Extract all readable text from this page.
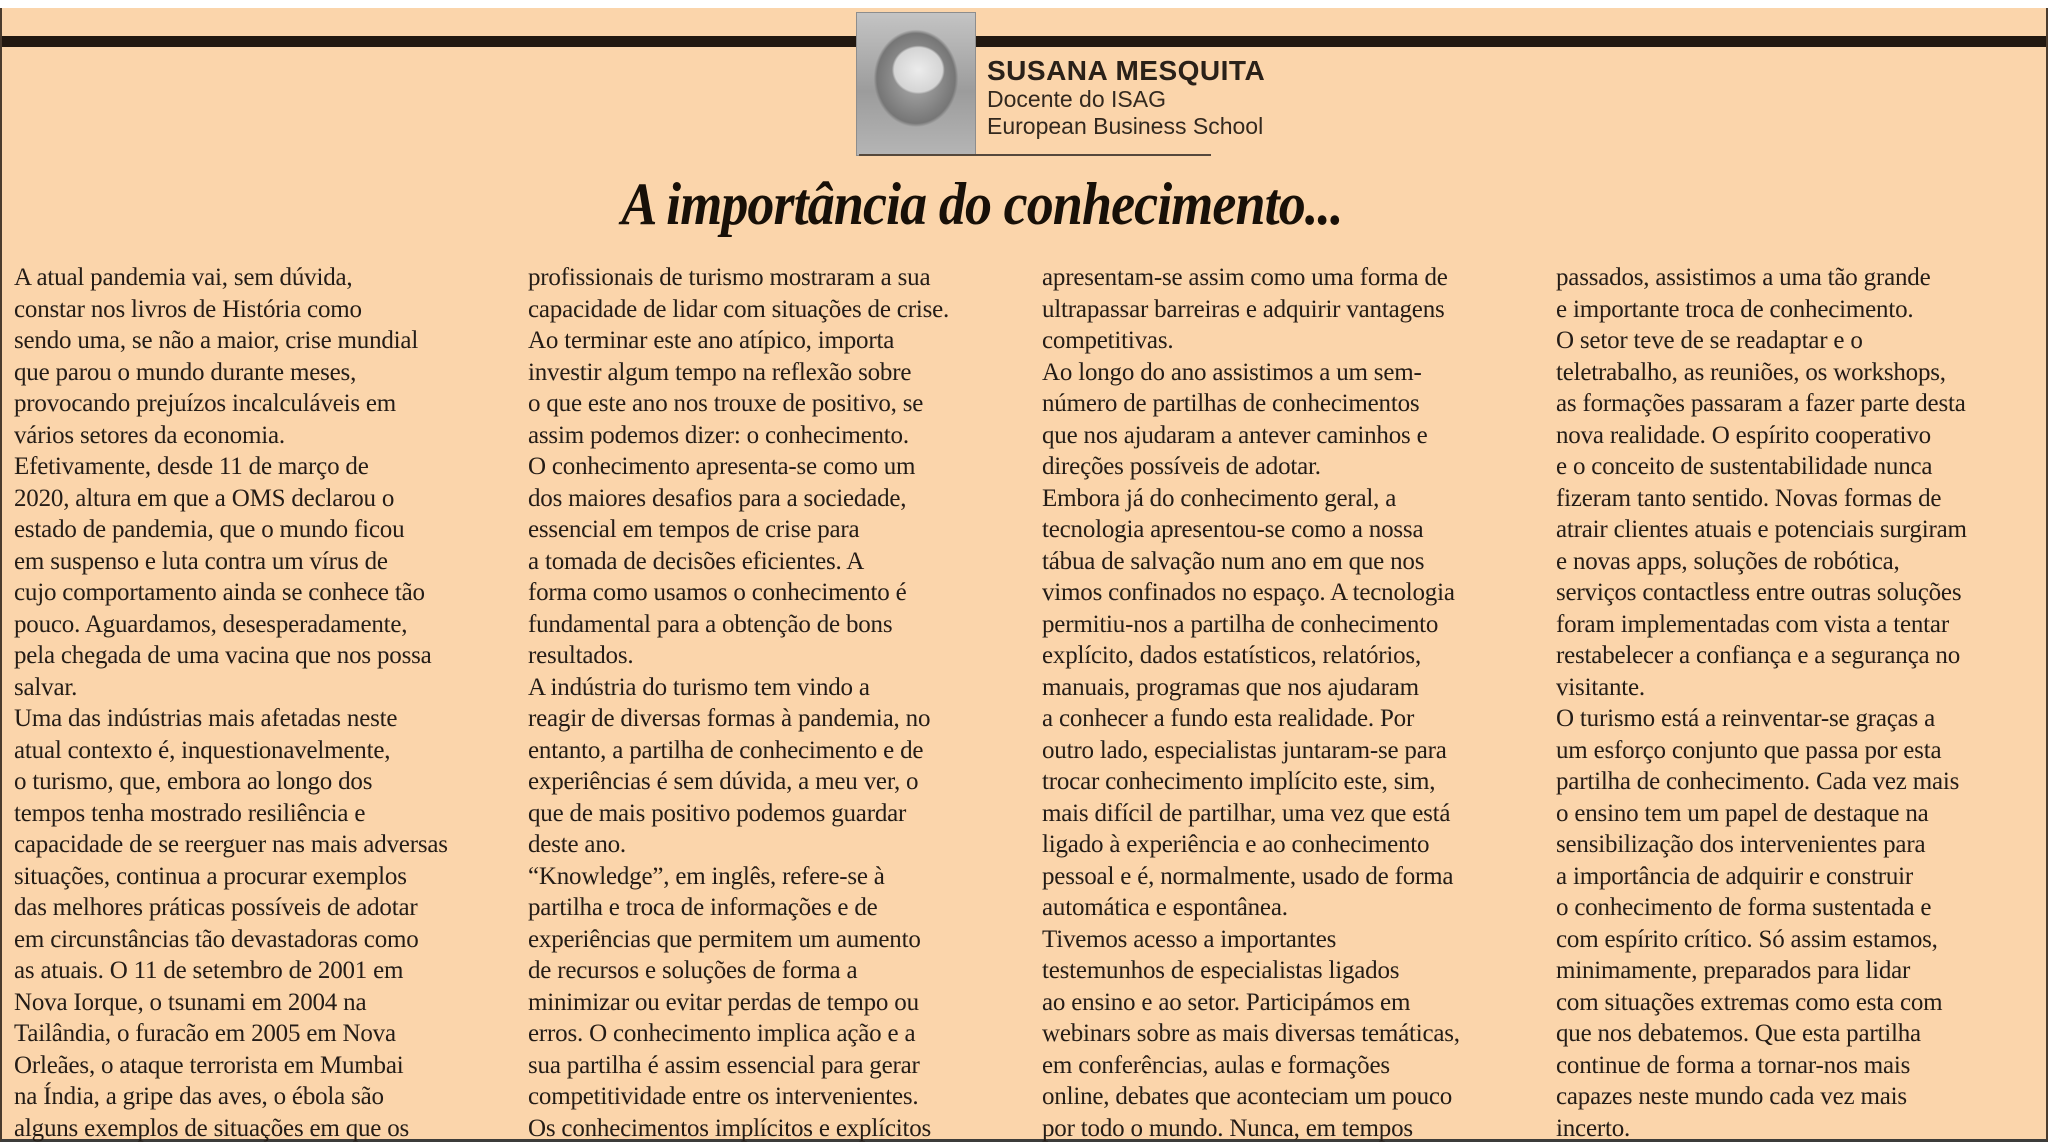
SUSANA MESQUITA
Docente do ISAG
European Business School
A importância do conhecimento...
A atual pandemia vai, sem dúvida,
constar nos livros de História como
sendo uma, se não a maior, crise mundial
que parou o mundo durante meses,
provocando prejuízos incalculáveis em
vários setores da economia.
Efetivamente, desde 11 de março de
2020, altura em que a OMS declarou o
estado de pandemia, que o mundo ficou
em suspenso e luta contra um vírus de
cujo comportamento ainda se conhece tão
pouco. Aguardamos, desesperadamente,
pela chegada de uma vacina que nos possa
salvar.
Uma das indústrias mais afetadas neste
atual contexto é, inquestionavelmente,
o turismo, que, embora ao longo dos
tempos tenha mostrado resiliência e
capacidade de se reerguer nas mais adversas
situações, continua a procurar exemplos
das melhores práticas possíveis de adotar
em circunstâncias tão devastadoras como
as atuais. O 11 de setembro de 2001 em
Nova Iorque, o tsunami em 2004 na
Tailândia, o furacão em 2005 em Nova
Orleães, o ataque terrorista em Mumbai
na Índia, a gripe das aves, o ébola são
alguns exemplos de situações em que os
profissionais de turismo mostraram a sua
capacidade de lidar com situações de crise.
Ao terminar este ano atípico, importa
investir algum tempo na reflexão sobre
o que este ano nos trouxe de positivo, se
assim podemos dizer: o conhecimento.
O conhecimento apresenta-se como um
dos maiores desafios para a sociedade,
essencial em tempos de crise para
a tomada de decisões eficientes. A
forma como usamos o conhecimento é
fundamental para a obtenção de bons
resultados.
A indústria do turismo tem vindo a
reagir de diversas formas à pandemia, no
entanto, a partilha de conhecimento e de
experiências é sem dúvida, a meu ver, o
que de mais positivo podemos guardar
deste ano.
“Knowledge”, em inglês, refere-se à
partilha e troca de informações e de
experiências que permitem um aumento
de recursos e soluções de forma a
minimizar ou evitar perdas de tempo ou
erros. O conhecimento implica ação e a
sua partilha é assim essencial para gerar
competitividade entre os intervenientes.
Os conhecimentos implícitos e explícitos
apresentam-se assim como uma forma de
ultrapassar barreiras e adquirir vantagens
competitivas.
Ao longo do ano assistimos a um sem-
número de partilhas de conhecimentos
que nos ajudaram a antever caminhos e
direções possíveis de adotar.
Embora já do conhecimento geral, a
tecnologia apresentou-se como a nossa
tábua de salvação num ano em que nos
vimos confinados no espaço. A tecnologia
permitiu-nos a partilha de conhecimento
explícito, dados estatísticos, relatórios,
manuais, programas que nos ajudaram
a conhecer a fundo esta realidade. Por
outro lado, especialistas juntaram-se para
trocar conhecimento implícito este, sim,
mais difícil de partilhar, uma vez que está
ligado à experiência e ao conhecimento
pessoal e é, normalmente, usado de forma
automática e espontânea.
Tivemos acesso a importantes
testemunhos de especialistas ligados
ao ensino e ao setor. Participámos em
webinars sobre as mais diversas temáticas,
em conferências, aulas e formações
online, debates que aconteciam um pouco
por todo o mundo. Nunca, em tempos
passados, assistimos a uma tão grande
e importante troca de conhecimento.
O setor teve de se readaptar e o
teletrabalho, as reuniões, os workshops,
as formações passaram a fazer parte desta
nova realidade. O espírito cooperativo
e o conceito de sustentabilidade nunca
fizeram tanto sentido. Novas formas de
atrair clientes atuais e potenciais surgiram
e novas apps, soluções de robótica,
serviços contactless entre outras soluções
foram implementadas com vista a tentar
restabelecer a confiança e a segurança no
visitante.
O turismo está a reinventar-se graças a
um esforço conjunto que passa por esta
partilha de conhecimento. Cada vez mais
o ensino tem um papel de destaque na
sensibilização dos intervenientes para
a importância de adquirir e construir
o conhecimento de forma sustentada e
com espírito crítico. Só assim estamos,
minimamente, preparados para lidar
com situações extremas como esta com
que nos debatemos. Que esta partilha
continue de forma a tornar-nos mais
capazes neste mundo cada vez mais
incerto.
